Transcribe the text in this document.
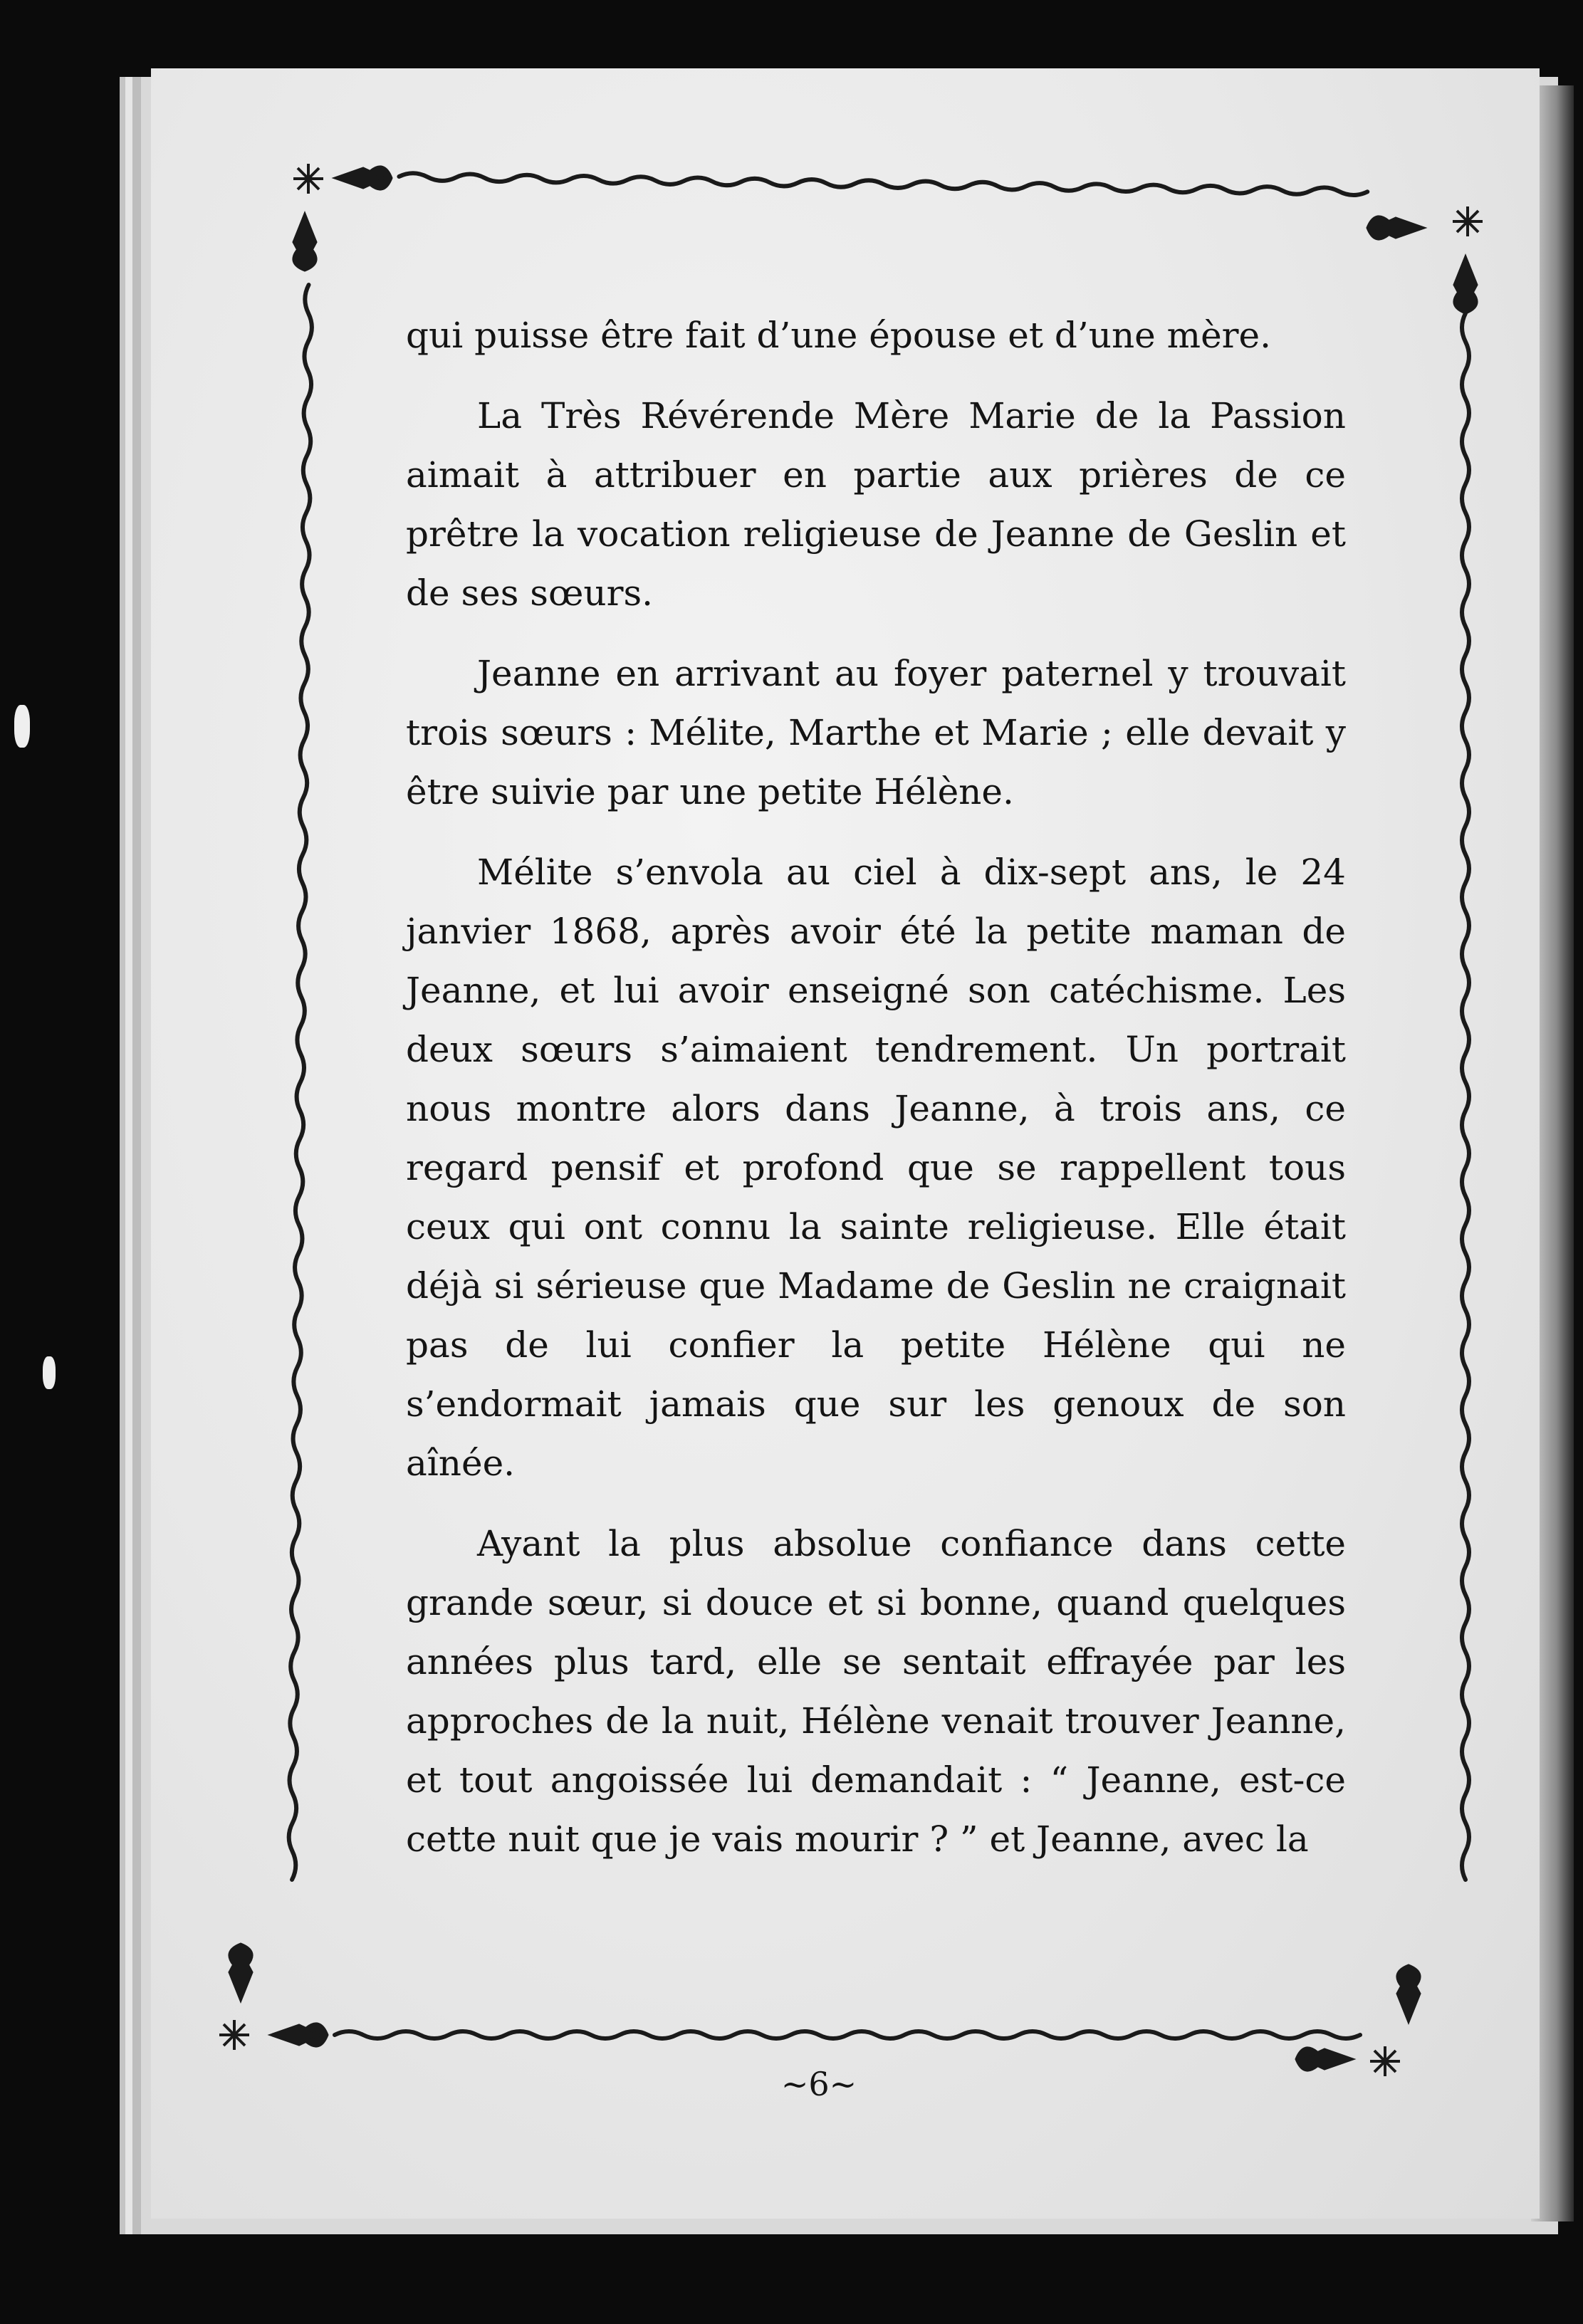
qui puisse être fait d’une épouse et d’une mère.

La Très Révérende Mère Marie de la Passion aimait à attribuer en partie aux prières de ce prêtre la vocation religieuse de Jeanne de Geslin et de ses sœurs.

Jeanne en arrivant au foyer paternel y trouvait trois sœurs : Mélite, Marthe et Marie ; elle devait y être suivie par une petite Hélène.

Mélite s’envola au ciel à dix-sept ans, le 24 janvier 1868, après avoir été la petite maman de Jeanne, et lui avoir enseigné son catéchisme. Les deux sœurs s’aimaient tendrement. Un portrait nous montre alors dans Jeanne, à trois ans, ce regard pensif et profond que se rappellent tous ceux qui ont connu la sainte religieuse. Elle était déjà si sérieuse que Madame de Geslin ne craignait pas de lui confier la petite Hélène qui ne s’endormait jamais que sur les genoux de son aînée.

Ayant la plus absolue confiance dans cette grande sœur, si douce et si bonne, quand quelques années plus tard, elle se sentait effrayée par les approches de la nuit, Hélène venait trouver Jeanne, et tout angoissée lui demandait : “ Jeanne, est-ce cette nuit que je vais mourir ? ” et Jeanne, avec la

~6~
